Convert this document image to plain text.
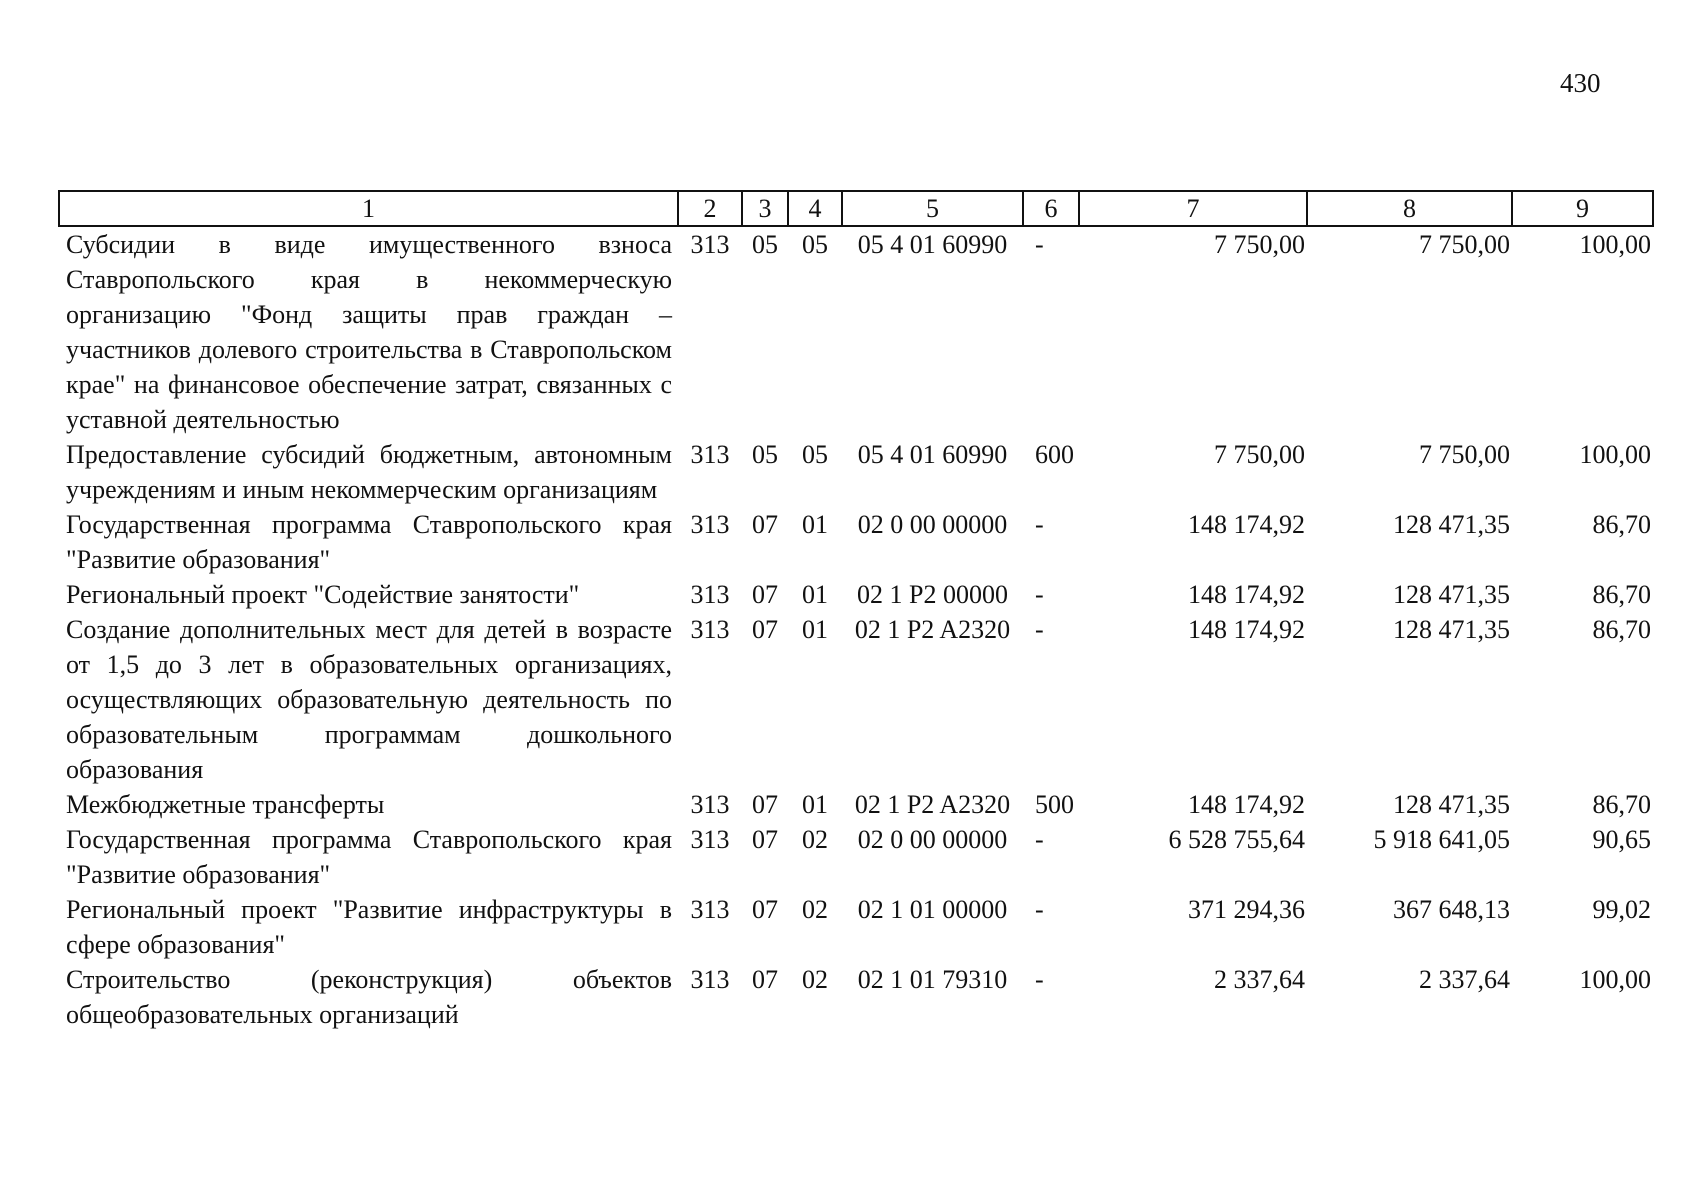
430
1	2	3	4	5	6	7	8	9
Субсидии в виде имущественного взноса Ставропольского края в некоммерческую организацию "Фонд защиты прав граждан – участников долевого строительства в Ставропольском крае" на финансовое обеспечение затрат, связанных с уставной деятельностью	313	05	05	05 4 01 60990	-	7 750,00	7 750,00	100,00
Предоставление субсидий бюджетным, автономным учреждениям и иным некоммерческим организациям	313	05	05	05 4 01 60990	600	7 750,00	7 750,00	100,00
Государственная программа Ставропольского края "Развитие образования"	313	07	01	02 0 00 00000	-	148 174,92	128 471,35	86,70
Региональный проект "Содействие занятости"	313	07	01	02 1 P2 00000	-	148 174,92	128 471,35	86,70
Создание дополнительных мест для детей в возрасте от 1,5 до 3 лет в образовательных организациях, осуществляющих образовательную деятельность по образовательным программам дошкольного образования	313	07	01	02 1 P2 A2320	-	148 174,92	128 471,35	86,70
Межбюджетные трансферты	313	07	01	02 1 P2 A2320	500	148 174,92	128 471,35	86,70
Государственная программа Ставропольского края "Развитие образования"	313	07	02	02 0 00 00000	-	6 528 755,64	5 918 641,05	90,65
Региональный проект "Развитие инфраструктуры в сфере образования"	313	07	02	02 1 01 00000	-	371 294,36	367 648,13	99,02
Строительство (реконструкция) объектов общеобразовательных организаций	313	07	02	02 1 01 79310	-	2 337,64	2 337,64	100,00
